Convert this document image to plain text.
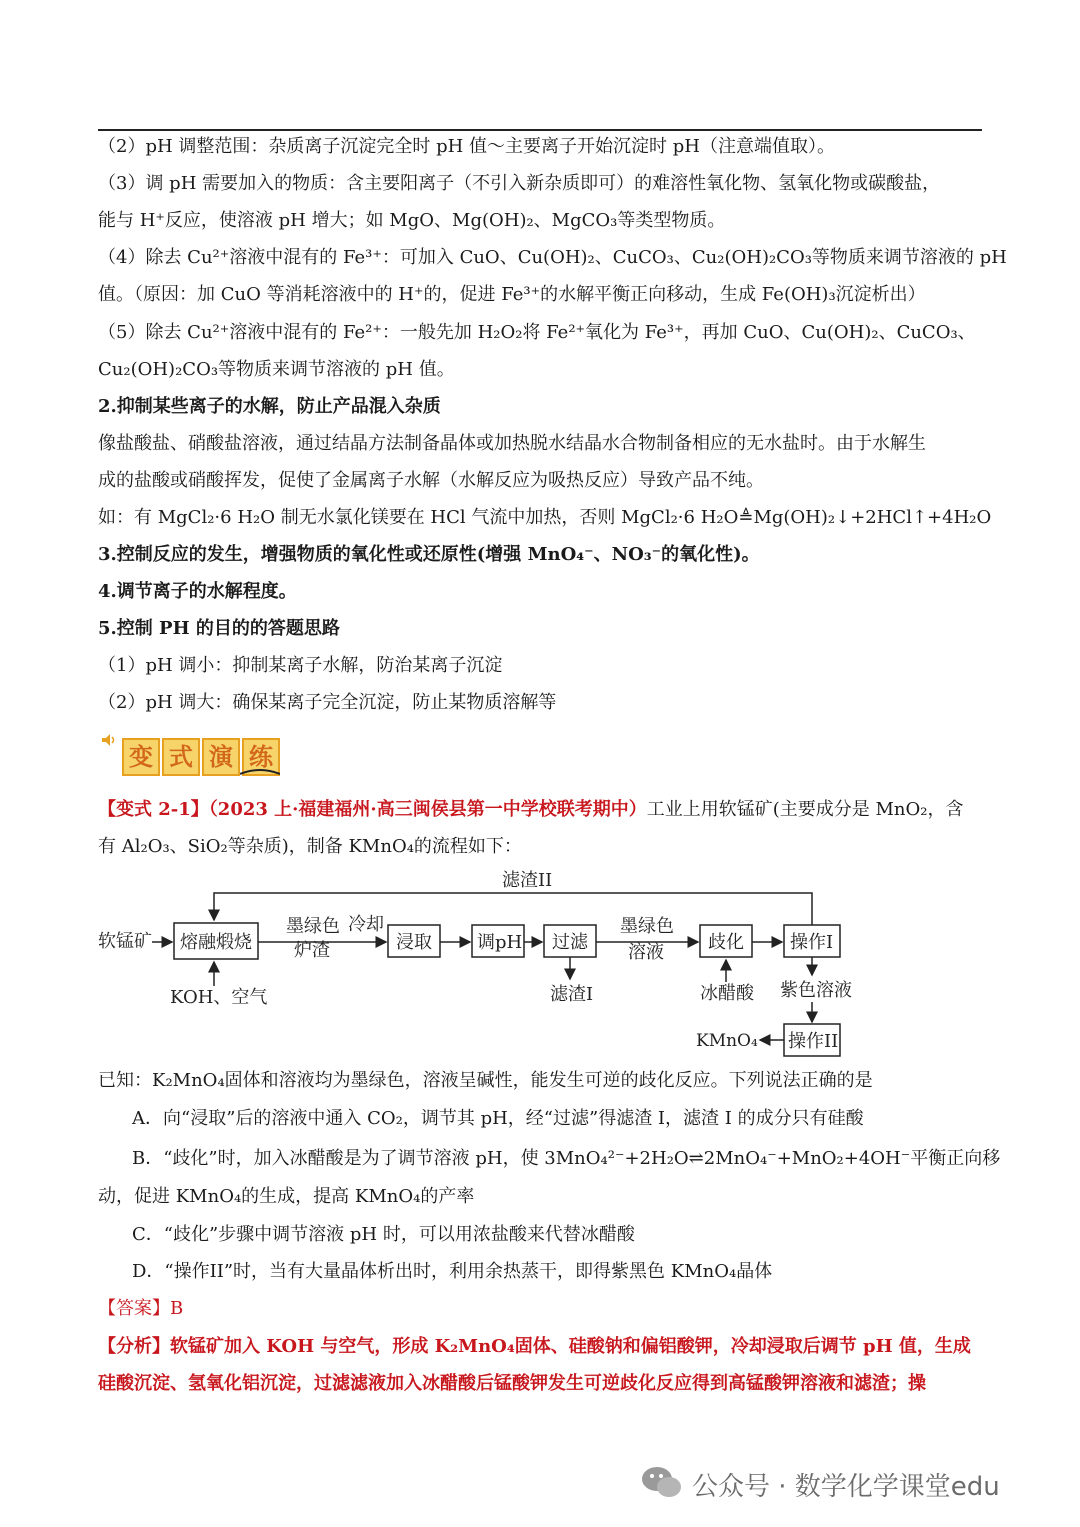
（2）pH 调整范围：杂质离子沉淀完全时 pH 值～主要离子开始沉淀时 pH（注意端值取）。
（3）调 pH 需要加入的物质：含主要阳离子（不引入新杂质即可）的难溶性氧化物、氢氧化物或碳酸盐，
能与 H⁺反应，使溶液 pH 增大；如 MgO、Mg(OH)₂、MgCO₃等类型物质。
（4）除去 Cu²⁺溶液中混有的 Fe³⁺：可加入 CuO、Cu(OH)₂、CuCO₃、Cu₂(OH)₂CO₃等物质来调节溶液的 pH
值。（原因：加 CuO 等消耗溶液中的 H⁺的，促进 Fe³⁺的水解平衡正向移动，生成 Fe(OH)₃沉淀析出）
（5）除去 Cu²⁺溶液中混有的 Fe²⁺：一般先加 H₂O₂将 Fe²⁺氧化为 Fe³⁺，再加 CuO、Cu(OH)₂、CuCO₃、
Cu₂(OH)₂CO₃等物质来调节溶液的 pH 值。
2.抑制某些离子的水解，防止产品混入杂质
像盐酸盐、硝酸盐溶液，通过结晶方法制备晶体或加热脱水结晶水合物制备相应的无水盐时。由于水解生
成的盐酸或硝酸挥发，促使了金属离子水解（水解反应为吸热反应）导致产品不纯。
如：有 MgCl₂·6 H₂O 制无水氯化镁要在 HCl 气流中加热，否则 MgCl₂·6 H₂O≜Mg(OH)₂↓+2HCl↑+4H₂O
3.控制反应的发生，增强物质的氧化性或还原性(增强 MnO₄⁻、NO₃⁻的氧化性)。
4.调节离子的水解程度。
5.控制 PH 的目的的答题思路
（1）pH 调小：抑制某离子水解，防治某离子沉淀
（2）pH 调大：确保某离子完全沉淀，防止某物质溶解等
变 式 演 练
【变式 2-1】（2023 上·福建福州·高三闽侯县第一中学校联考期中）工业上用软锰矿(主要成分是 MnO₂，含
有 Al₂O₃、SiO₂等杂质)，制备 KMnO₄的流程如下：
软锰矿 熔融煅烧
KOH、空气
墨绿色
炉渣
冷却
浸取	调pH 过滤
滤渣I
墨绿色
溶液 歧化
冰醋酸
操作I
滤渣II
紫色溶液
操作II
KMnO₄
已知：K₂MnO₄固体和溶液均为墨绿色，溶液呈碱性，能发生可逆的歧化反应。下列说法正确的是
A．向“浸取”后的溶液中通入 CO₂，调节其 pH，经“过滤”得滤渣 I，滤渣 I 的成分只有硅酸
B．“歧化”时，加入冰醋酸是为了调节溶液 pH，使 3MnO₄²⁻+2H₂O⇌2MnO₄⁻+MnO₂+4OH⁻平衡正向移
动，促进 KMnO₄的生成，提高 KMnO₄的产率
C．“歧化”步骤中调节溶液 pH 时，可以用浓盐酸来代替冰醋酸
D．“操作II”时，当有大量晶体析出时，利用余热蒸干，即得紫黑色 KMnO₄晶体
【答案】B
【分析】软锰矿加入 KOH 与空气，形成 K₂MnO₄固体、硅酸钠和偏铝酸钾，冷却浸取后调节 pH 值，生成
硅酸沉淀、氢氧化铝沉淀，过滤滤液加入冰醋酸后锰酸钾发生可逆歧化反应得到高锰酸钾溶液和滤渣；操
公众号 · 数学化学课堂edu
